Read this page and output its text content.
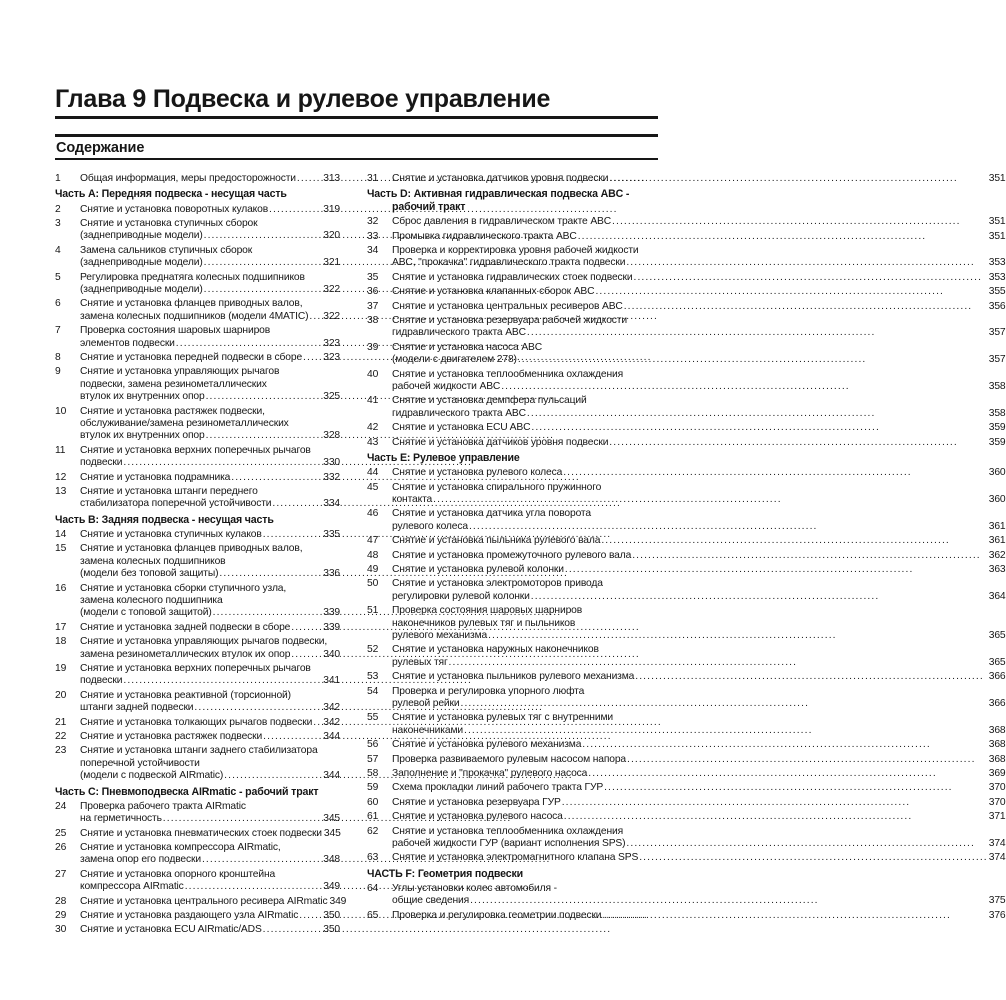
Глава 9 Подвеска и рулевое управление
Содержание
1	Общая информация, меры предосторожности .....	313
Часть А: Передняя подвеска - несущая часть
2	Снятие и установка поворотных кулаков .....	319
3	Снятие и установка ступичных сборок
(заднеприводные модели) .....	320
4	Замена сальников ступичных сборок
(заднеприводные модели) .....	321
5	Регулировка преднатяга колесных подшипников
(заднеприводные модели) .....	322
6	Снятие и установка фланцев приводных валов,
замена колесных подшипников (модели 4MATIC) ..... 322
7	Проверка состояния шаровых шарниров
элементов подвески .....	323
8	Снятие и установка передней подвески в сборе ..... 323
9	Снятие и установка управляющих рычагов
подвески, замена резинометаллических
втулок их внутренних опор .....	325
10	Снятие и установка растяжек подвески,
обслуживание/замена резинометаллических
втулок их внутренних опор .....	328
11	Снятие и установка верхних поперечных рычагов
подвески .....	330
12	Снятие и установка подрамника .....	332
13	Снятие и установка штанги переднего
стабилизатора поперечной устойчивости .....	334
Часть В: Задняя подвеска - несущая часть
14	Снятие и установка ступичных кулаков .....	335
15	Снятие и установка фланцев приводных валов,
замена колесных подшипников
(модели без топовой защиты) .....	336
16	Снятие и установка сборки ступичного узла,
замена колесного подшипника
(модели с топовой защитой) .....	339
17	Снятие и установка задней подвески в сборе .....	339
18	Снятие и установка управляющих рычагов подвески,
замена резинометаллических втулок их опор .....	340
19	Снятие и установка верхних поперечных рычагов
подвески .....	341
20	Снятие и установка реактивной (торсионной)
штанги задней подвески .....	342
21	Снятие и установка толкающих рычагов подвески ..... 342
22	Снятие и установка растяжек подвески .....	344
23	Снятие и установка штанги заднего стабилизатора
поперечной устойчивости
(модели с подвеской AIRmatic) .....	344
Часть С: Пневмоподвеска AIRmatic - рабочий тракт
24	Проверка рабочего тракта AIRmatic
на герметичность .....	345
25	Снятие и установка пневматических стоек подвески 345
26	Снятие и установка компрессора AIRmatic,
замена опор его подвески .....	348
27	Снятие и установка опорного кронштейна
компрессора AIRmatic .....	349
28	Снятие и установка центрального ресивера AIRmatic 349
29	Снятие и установка раздающего узла AIRmatic ..... 350
30	Снятие и установка ECU AIRmatic/ADS .....	350
31	Снятие и установка датчиков уровня подвески .....	351
Часть D: Активная гидравлическая подвеска ABC -
рабочий тракт
32	Сброс давления в гидравлическом тракте ABC .....	351
33	Промывка гидравлического тракта ABC .....	351
34	Проверка и корректировка уровня рабочей жидкости
ABC, "прокачка" гидравлического тракта подвески .....	353
35	Снятие и установка гидравлических стоек подвески .....	353
36	Снятие и установка клапанных сборок ABC .....	355
37	Снятие и установка центральных ресиверов ABC .....	356
38	Снятие и установка резервуара рабочей жидкости
гидравлического тракта ABC .....	357
39	Снятие и установка насоса ABC
(модели с двигателем 278) .....	357
40	Снятие и установка теплообменника охлаждения
рабочей жидкости ABC .....	358
41	Снятие и установка демпфера пульсаций
гидравлического тракта ABC .....	358
42	Снятие и установка ECU ABC .....	359
43	Снятие и установка датчиков уровня подвески .....	359
Часть Е: Рулевое управление
44	Снятие и установка рулевого колеса .....	360
45	Снятие и установка спирального пружинного
контакта .....	360
46	Снятие и установка датчика угла поворота
рулевого колеса .....	361
47	Снятие и установка пыльника рулевого вала .....	361
48	Снятие и установка промежуточного рулевого вала .....	362
49	Снятие и установка рулевой колонки .....	363
50	Снятие и установка электромоторов привода
регулировки рулевой колонки .....	364
51	Проверка состояния шаровых шарниров
наконечников рулевых тяг и пыльников
рулевого механизма .....	365
52	Снятие и установка наружных наконечников
рулевых тяг .....	365
53	Снятие и установка пыльников рулевого механизма .....	366
54	Проверка и регулировка упорного люфта
рулевой рейки .....	366
55	Снятие и установка рулевых тяг с внутренними
наконечниками .....	368
56	Снятие и установка рулевого механизма .....	368
57	Проверка развиваемого рулевым насосом напора .....	368
58	Заполнение и "прокачка" рулевого насоса .....	369
59	Схема прокладки линий рабочего тракта ГУР .....	370
60	Снятие и установка резервуара ГУР .....	370
61	Снятие и установка рулевого насоса .....	371
62	Снятие и установка теплообменника охлаждения
рабочей жидкости ГУР (вариант исполнения SPS) .....	374
63	Снятие и установка электромагнитного клапана SPS .....	374
ЧАСТЬ F: Геометрия подвески
64	Углы установки колес автомобиля -
общие сведения .....	375
65	Проверка и регулировка геометрии подвески .....	376
